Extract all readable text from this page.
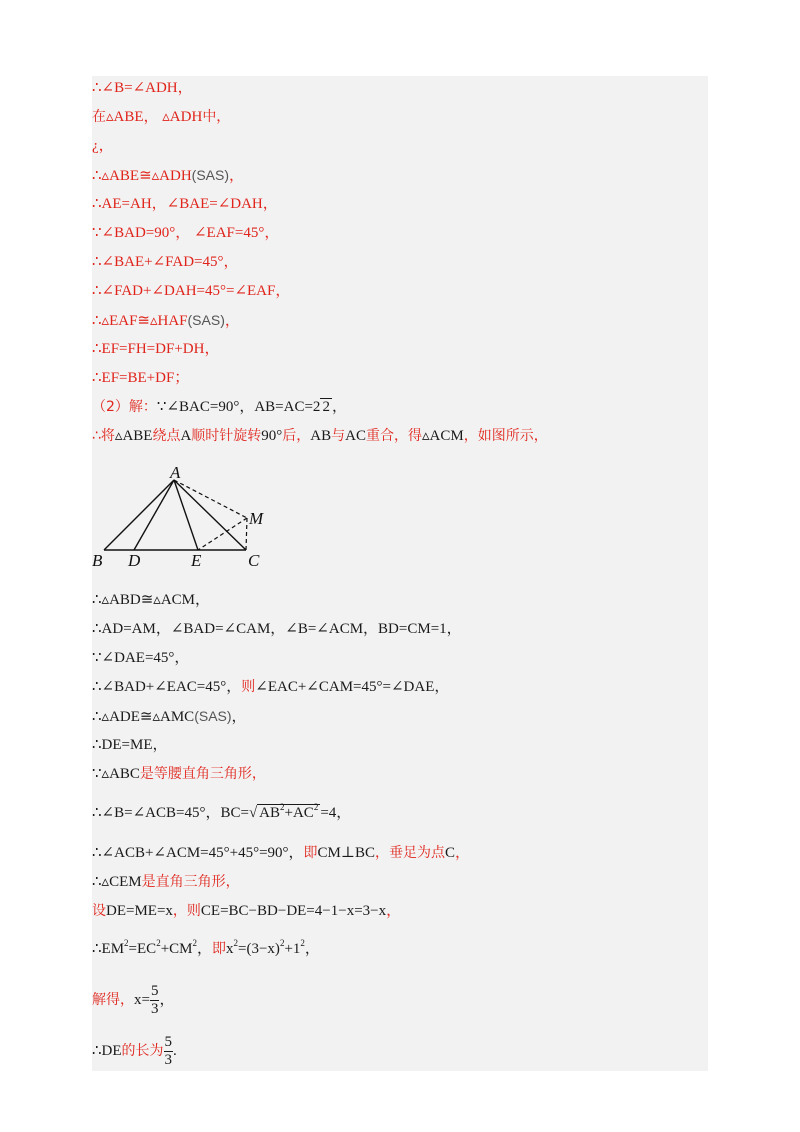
∴∠B=∠ADH，
在▵ABE， ▵ADH中，
¿，
∴▵ABE≅▵ADH(SAS)，
∴AE=AH，∠BAE=∠DAH，
∵∠BAD=90°， ∠EAF=45°，
∴∠BAE+∠FAD=45°，
∴∠FAD+∠DAH=45°=∠EAF，
∴▵EAF≅▵HAF(SAS)，
∴EF=FH=DF+DH，
∴EF=BE+DF；
（2）解：∵∠BAC=90°，AB=AC=2 2 ，
∴将▵ABE绕点A顺时针旋转90°后，AB与AC重合，得▵ACM，如图所示，
A
M
B D	E	C
∴▵ABD≅▵ACM，
∴AD=AM，∠BAD=∠CAM，∠B=∠ACM，BD=CM=1，
∵∠DAE=45°，
∴∠BAD+∠EAC=45°，则∠EAC+∠CAM=45°=∠DAE，
∴▵ADE≅▵AMC(SAS)，
∴DE=ME，
∵▵ABC是等腰直角三角形，
∴∠B=∠ACB=45°，BC=√ $AB^2+AC^2 =4$，
∴∠ACB+∠ACM=45°+45°=90°，即CM⊥BC，垂足为点C，
∴▵CEM是直角三角形，
设DE=ME=x，则CE=BC−BD−DE=4−1−x=3−x，
$\therefore EM^2=EC^2+CM^2$，即$x^2=(3-x)^2+1^2$，
解得，$x= \frac{5}{3}$ ，
∴DE的长为 $\frac{5}{3}$ .
